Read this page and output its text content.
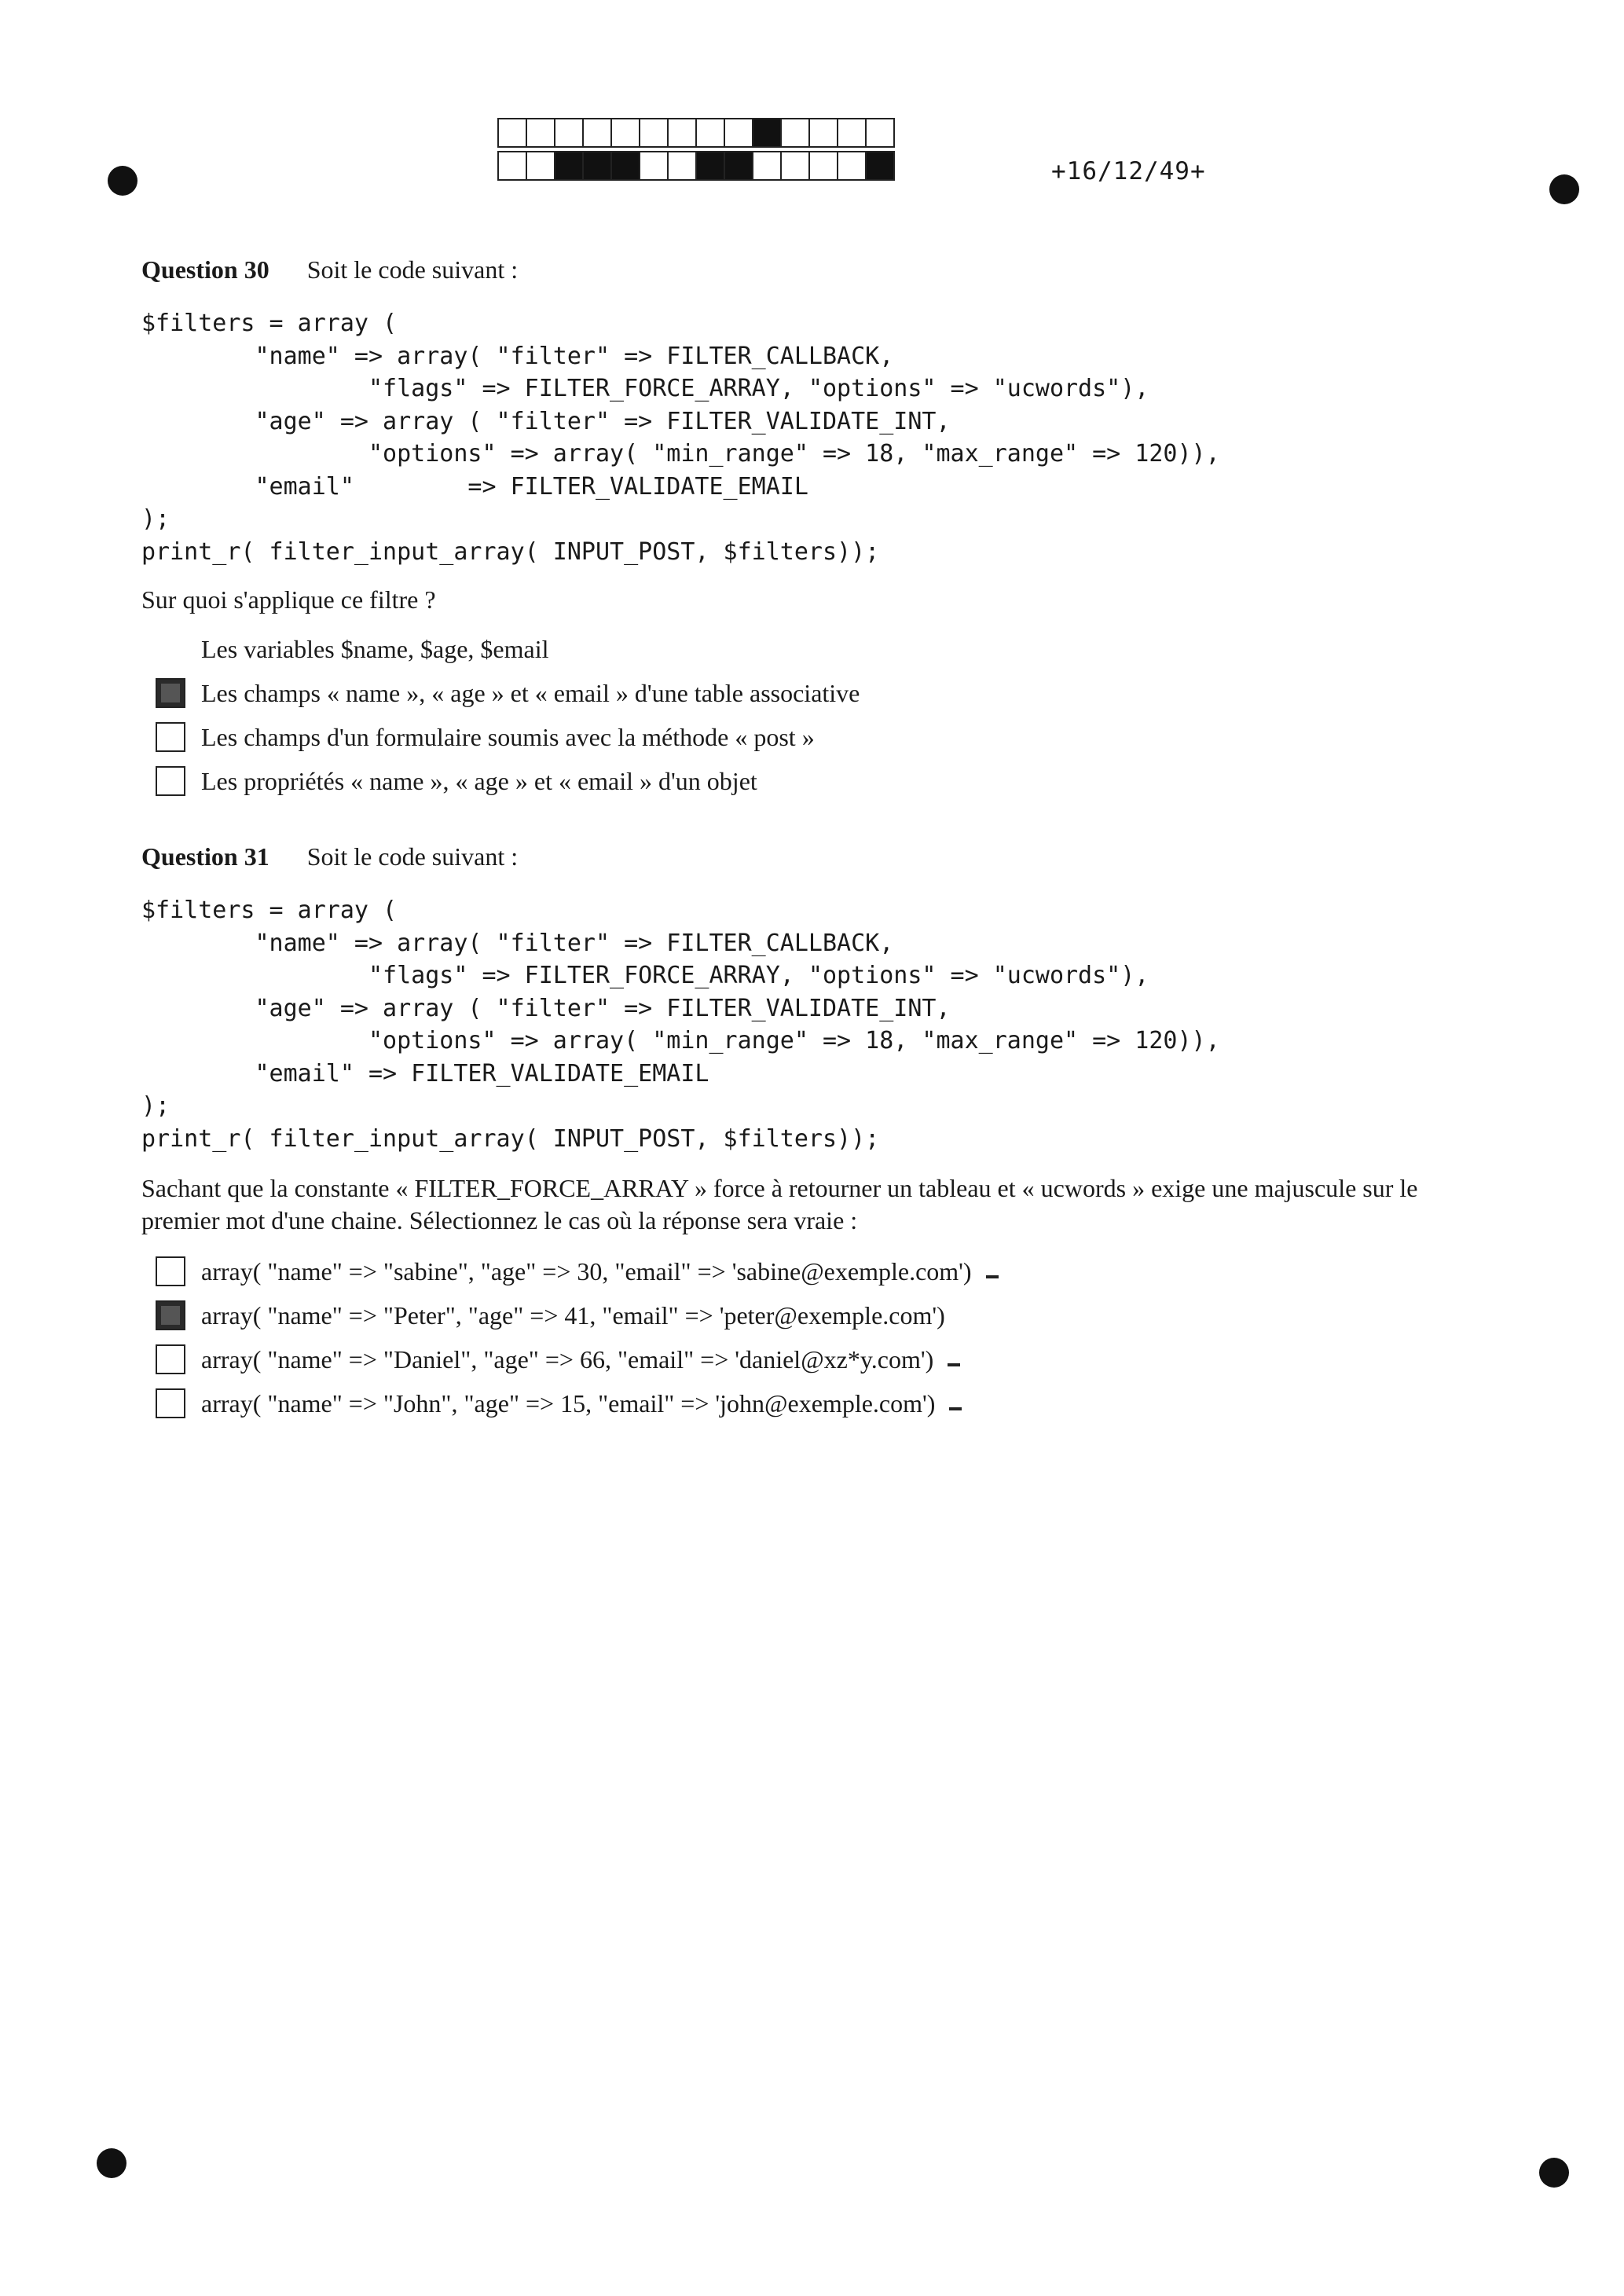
+16/12/49+
Question 30 Soit le code suivant :
$filters = array (
"name" => array( "filter" => FILTER_CALLBACK,
"flags" => FILTER_FORCE_ARRAY, "options" => "ucwords"),
"age" => array ( "filter" => FILTER_VALIDATE_INT,
"options" => array( "min_range" => 18, "max_range" => 120)),
"email"        => FILTER_VALIDATE_EMAIL
);
print_r( filter_input_array( INPUT_POST, $filters));
Sur quoi s'applique ce filtre ?
Les variables $name, $age, $email
Les champs « name », « age » et « email » d'une table associative
Les champs d'un formulaire soumis avec la méthode « post »
Les propriétés « name », « age » et « email » d'un objet
Question 31 Soit le code suivant :
$filters = array (
"name" => array( "filter" => FILTER_CALLBACK,
"flags" => FILTER_FORCE_ARRAY, "options" => "ucwords"),
"age" => array ( "filter" => FILTER_VALIDATE_INT,
"options" => array( "min_range" => 18, "max_range" => 120)),
"email" => FILTER_VALIDATE_EMAIL
);
print_r( filter_input_array( INPUT_POST, $filters));
Sachant que la constante « FILTER_FORCE_ARRAY » force à retourner un tableau et « ucwords » exige une majuscule sur le
premier mot d'une chaine. Sélectionnez le cas où la réponse sera vraie :
array( "name" => "sabine", "age" => 30, "email" => 'sabine@exemple.com')
array( "name" => "Peter", "age" => 41, "email" => 'peter@exemple.com')
array( "name" => "Daniel", "age" => 66, "email" => 'daniel@xz*y.com')
array( "name" => "John", "age" => 15, "email" => 'john@exemple.com')
